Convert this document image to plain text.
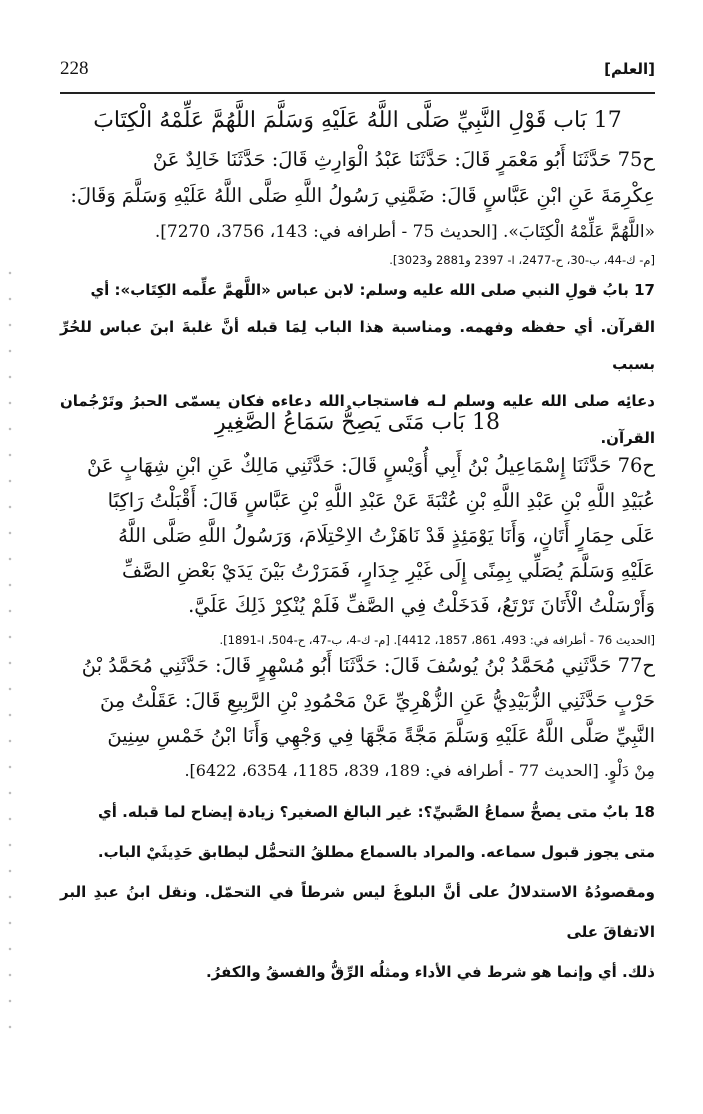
228	[العلم]
17 بَاب قَوْلِ النَّبِيِّ صَلَّى اللَّهُ عَلَيْهِ وَسَلَّمَ اللَّهُمَّ عَلِّمْهُ الْكِتَابَ
ح75 حَدَّثَنَا أَبُو مَعْمَرٍ قَالَ: حَدَّثَنَا عَبْدُ الْوَارِثِ قَالَ: حَدَّثَنَا خَالِدٌ عَنْ
عِكْرِمَةَ عَنِ ابْنِ عَبَّاسٍ قَالَ: ضَمَّنِي رَسُولُ اللَّهِ صَلَّى اللَّهُ عَلَيْهِ وَسَلَّمَ وَقَالَ:
«اللَّهُمَّ عَلِّمْهُ الْكِتَابَ». [الحديث 75 - أطرافه في: 143، 3756، 7270].
[م- ك-44، ب-30، ح-2477، ا- 2397 و2881 و3023].
17 بابُ قولِ النبي صلى الله عليه وسلم: لابن عباس «اللَّهمَّ علِّمه الكِتَاب»: أي
القرآن. أي حفظه وفهمه. ومناسبة هذا الباب لِمَا قبله أنَّ غلبةَ ابنَ عباس للحُرِّ بسبب
دعائِه صلى الله عليه وسلم لـه فاستجاب الله دعاءه فكان يسمّى الحبرُ وتَرْجُمان القرآن.
18 بَاب مَتَى يَصِحُّ سَمَاعُ الصَّغِيرِ
ح76 حَدَّثَنَا إِسْمَاعِيلُ بْنُ أَبِي أُوَيْسٍ قَالَ: حَدَّثَنِي مَالِكٌ عَنِ ابْنِ شِهَابٍ عَنْ
عُبَيْدِ اللَّهِ بْنِ عَبْدِ اللَّهِ بْنِ عُتْبَةَ عَنْ عَبْدِ اللَّهِ بْنِ عَبَّاسٍ قَالَ: أَقْبَلْتُ رَاكِبًا
عَلَى حِمَارٍ أَتَانٍ، وَأَنَا يَوْمَئِذٍ قَدْ نَاهَزْتُ الاِحْتِلَامَ، وَرَسُولُ اللَّهِ صَلَّى اللَّهُ
عَلَيْهِ وَسَلَّمَ يُصَلِّي بِمِنًى إِلَى غَيْرِ جِدَارٍ، فَمَرَرْتُ بَيْنَ يَدَيْ بَعْضِ الصَّفِّ
وَأَرْسَلْتُ الْأَتَانَ تَرْتَعُ، فَدَخَلْتُ فِي الصَّفِّ فَلَمْ يُنْكِرْ ذَلِكَ عَلَيَّ.
[الحديث 76 - أطرافه في: 493، 861، 1857، 4412]. [م- ك-4، ب-47، ح-504، ا-1891].
ح77 حَدَّثَنِي مُحَمَّدُ بْنُ يُوسُفَ قَالَ: حَدَّثَنَا أَبُو مُسْهِرٍ قَالَ: حَدَّثَنِي مُحَمَّدُ بْنُ
حَرْبٍ حَدَّثَنِي الزُّبَيْدِيُّ عَنِ الزُّهْرِيِّ عَنْ مَحْمُودِ بْنِ الرَّبِيعِ قَالَ: عَقَلْتُ مِنَ
النَّبِيِّ صَلَّى اللَّهُ عَلَيْهِ وَسَلَّمَ مَجَّةً مَجَّهَا فِي وَجْهِي وَأَنَا ابْنُ خَمْسِ سِنِينَ
مِنْ دَلْوٍ. [الحديث 77 - أطرافه في: 189، 839، 1185، 6354، 6422].
18 بابٌ متى يصحُّ سماعُ الصَّبيِّ؟: غير البالغ الصغير؟ زيادة إيضاح لما قبله. أي
متى يجوز قبول سماعه. والمراد بالسماع مطلقُ التحمُّل ليطابق حَدِيثَيْ الباب.
ومقصودُهُ الاستدلالُ على أنَّ البلوغَ ليس شرطاً في التحمّل. ونقل ابنُ عبدِ البر الاتفاقَ على
ذلك. أي وإنما هو شرط في الأداء ومثلُه الرِّقُّ والفسقُ والكفرُ.
